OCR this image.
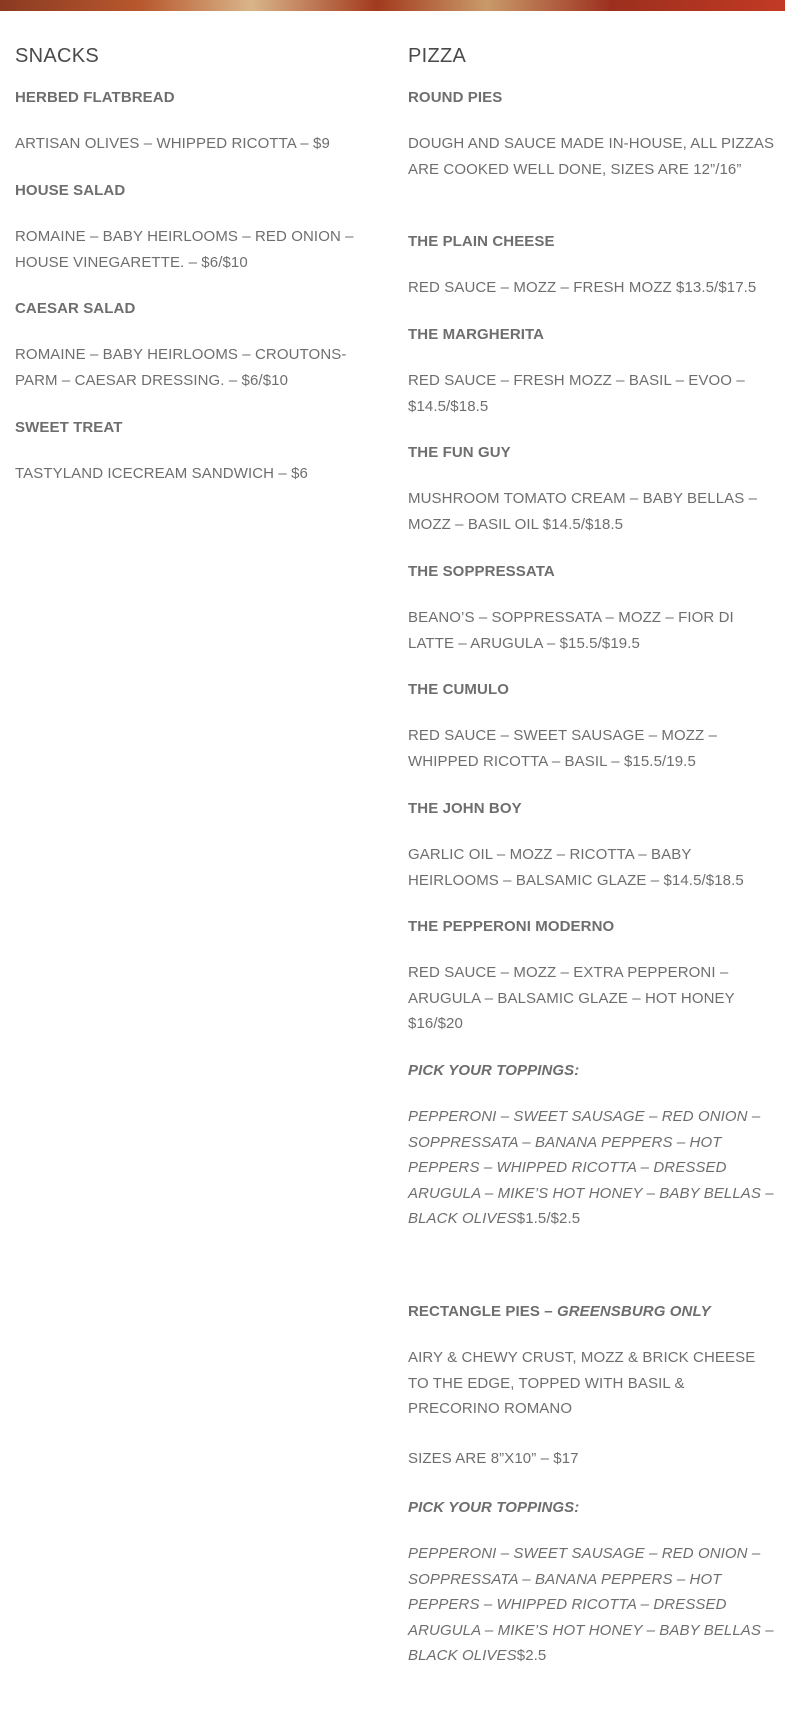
SNACKS

HERBED FLATBREAD

ARTISAN OLIVES – WHIPPED RICOTTA – $9

HOUSE SALAD

ROMAINE – BABY HEIRLOOMS – RED ONION – HOUSE VINEGARETTE. – $6/$10

CAESAR SALAD

ROMAINE – BABY HEIRLOOMS – CROUTONS- PARM – CAESAR DRESSING. – $6/$10

SWEET TREAT

TASTYLAND ICECREAM SANDWICH – $6

PIZZA

ROUND PIES

DOUGH AND SAUCE MADE IN-HOUSE, ALL PIZZAS ARE COOKED WELL DONE, SIZES ARE 12”/16”

THE PLAIN CHEESE

RED SAUCE – MOZZ – FRESH MOZZ $13.5/$17.5

THE MARGHERITA

RED SAUCE – FRESH MOZZ – BASIL – EVOO – $14.5/$18.5

THE FUN GUY

MUSHROOM TOMATO CREAM – BABY BELLAS – MOZZ – BASIL OIL $14.5/$18.5

THE SOPPRESSATA

BEANO’S – SOPPRESSATA – MOZZ – FIOR DI LATTE – ARUGULA – $15.5/$19.5

THE CUMULO

RED SAUCE – SWEET SAUSAGE – MOZZ – WHIPPED RICOTTA – BASIL – $15.5/19.5

THE JOHN BOY

GARLIC OIL – MOZZ – RICOTTA – BABY HEIRLOOMS – BALSAMIC GLAZE – $14.5/$18.5

THE PEPPERONI MODERNO

RED SAUCE – MOZZ – EXTRA PEPPERONI – ARUGULA – BALSAMIC GLAZE – HOT HONEY $16/$20

PICK YOUR TOPPINGS:

PEPPERONI – SWEET SAUSAGE – RED ONION – SOPPRESSATA – BANANA PEPPERS – HOT PEPPERS – WHIPPED RICOTTA – DRESSED ARUGULA – MIKE’S HOT HONEY – BABY BELLAS – BLACK OLIVES$1.5/$2.5

RECTANGLE PIES – GREENSBURG ONLY

AIRY & CHEWY CRUST, MOZZ & BRICK CHEESE TO THE EDGE, TOPPED WITH BASIL & PRECORINO ROMANO

SIZES ARE 8”X10” – $17

PICK YOUR TOPPINGS:

PEPPERONI – SWEET SAUSAGE – RED ONION – SOPPRESSATA – BANANA PEPPERS – HOT PEPPERS – WHIPPED RICOTTA – DRESSED ARUGULA – MIKE’S HOT HONEY – BABY BELLAS – BLACK OLIVES$2.5
